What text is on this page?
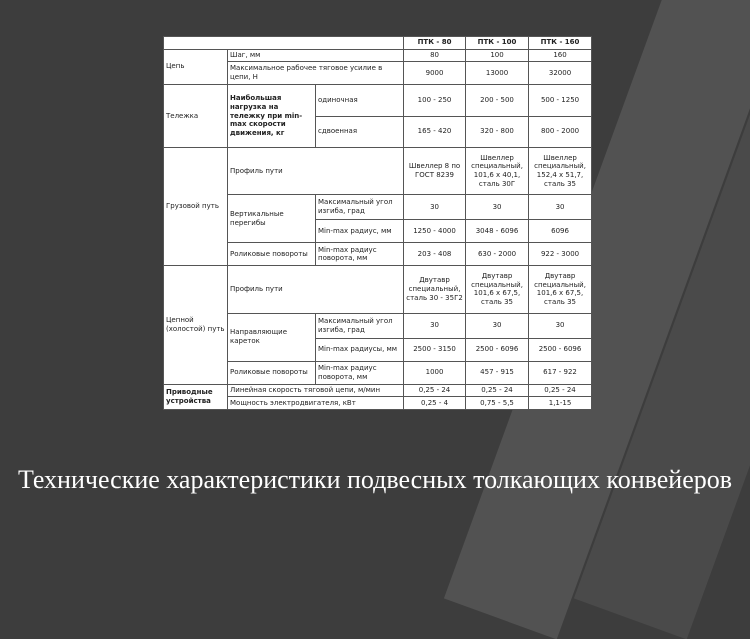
			ПТК - 80	ПТК - 100	ПТК - 160
Цепь	Шаг, мм		80	100	160
	Максимальное рабочее тяговое усилие в цепи, Н		9000	13000	32000
Тележка	Наибольшая нагрузка на тележку при min-max скорости движения, кг	одиночная	100 - 250	200 - 500	500 - 1250
		сдвоенная	165 - 420	320 - 800	800 - 2000
Грузовой путь	Профиль пути		Швеллер 8 по ГОСТ 8239	Швеллер специальный, 101,6 х 40,1, сталь 30Г	Швеллер специальный, 152,4 х 51,7, сталь 35
	Вертикальные перегибы	Максимальный угол изгиба, град	30	30	30
		Min-max радиус, мм	1250 - 4000	3048 - 6096	6096
	Роликовые повороты	Min-max радиус поворота, мм	203 - 408	630 - 2000	922 - 3000
Цепной (холостой) путь	Профиль пути		Двутавр специальный, сталь 30 - 35Г2	Двутавр специальный, 101,6 х 67,5, сталь 35	Двутавр специальный, 101,6 х 67,5, сталь 35
	Направляющие кареток	Максимальный угол изгиба, град	30	30	30
		Min-max радиусы, мм	2500 - 3150	2500 - 6096	2500 - 6096
	Роликовые повороты	Min-max радиус поворота, мм	1000	457 - 915	617 - 922
Приводные устройства	Линейная скорость тяговой цепи, м/мин		0,25 - 24	0,25 - 24	0,25 - 24
	Мощность электродвигателя, кВт		0,25 - 4	0,75 - 5,5	1,1-15
Технические характеристики подвесных толкающих конвейеров
